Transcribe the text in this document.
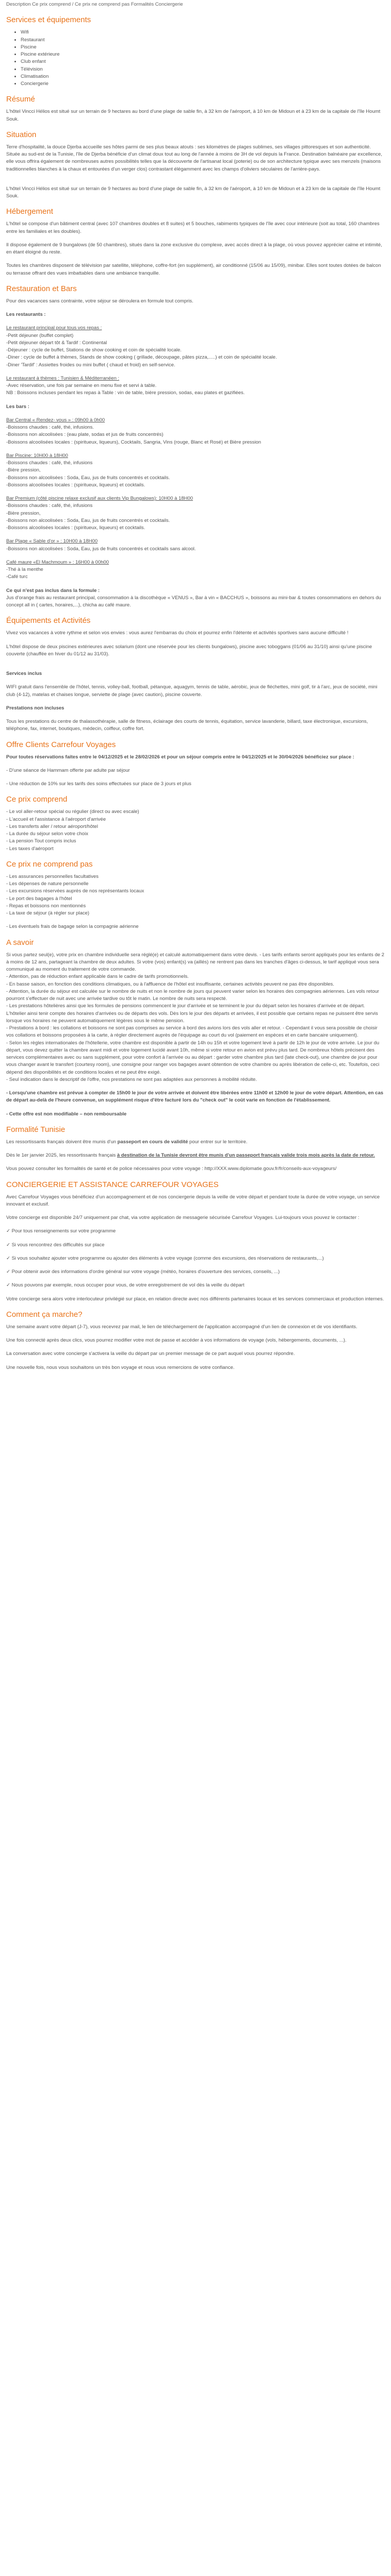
Description Ce prix comprend / Ce prix ne comprend pas Formalités Conciergerie
Services et équipements
• Wifi
• Restaurant
• Piscine
• Piscine extérieure
• Club enfant
• Télévision
• Climatisation
• Conciergerie
Résumé

L'hôtel Vincci Hélios est situé sur un terrain de 9 hectares au bord d'une plage de sable fin, à 32 km de l'aéroport, à 10 km de Midoun et à 23 km de la capitale de l'île Houmt Souk.

Situation

Terre d'hospitalité, la douce Djerba accueille ses hôtes parmi de ses plus beaux atouts : ses kilomètres de plages sublimes, ses villages pittoresques et son authenticité. Située au sud-est de la Tunisie, l'île de Djerba bénéficie d'un climat doux tout au long de l'année à moins de 3H de vol depuis la France. Destination balnéaire par excellence, elle vous offrira également de nombreuses autres possibilités telles que la découverte de l'artisanat local (poterie) ou de son architecture typique avec ses menzels (maisons traditionnelles blanches à la chaux et entourées d'un verger clos) contrastant élégamment avec les champs d'oliviers séculaires de l'arrière-pays.

L'hôtel Vincci Hélios est situé sur un terrain de 9 hectares au bord d'une plage de sable fin, à 32 km de l'aéroport, à 10 km de Midoun et à 23 km de la capitale de l'île Houmt Souk.

Hébergement

L'hôtel se compose d'un bâtiment central (avec 107 chambres doubles et 8 suites) et 5 bouches, rabiments typiques de l'île avec cour intérieure (soit au total, 160 chambres entre les familiales et les doubles).

Il dispose également de 9 bungalows (de 50 chambres), situés dans la zone exclusive du complexe, avec accès direct à la plage, où vous pouvez apprécier calme et intimité, en étant éloigné du reste.

Toutes les chambres disposent de télévision par satellite, téléphone, coffre-fort (en supplément), air conditionné (15/06 au 15/09), minibar. Elles sont toutes dotées de balcon ou terrasse offrant des vues imbattables dans une ambiance tranquille.

Restauration et Bars

Pour des vacances sans contrainte, votre séjour se déroulera en formule tout compris.

Les restaurants :

Le restaurant principal pour tous vos repas :

-Petit déjeuner (buffet complet)

-Petit déjeuner départ tôt & Tardif : Continental

-Déjeuner : cycle de buffet, Stations de show cooking et coin de spécialité locale.

-Diner : cycle de buffet à thèmes, Stands de show cooking ( grillade, découpage, pâtes pizza,.....) et coin de spécialité locale.

-Diner 'Tardif' : Assiettes froides ou mini buffet ( chaud et froid) en self-service.

Le restaurant à thèmes : Tunisien & Méditerranéen :

-Avec réservation, une fois par semaine en menu fixe et servi à table.

NB : Boissons incluses pendant les repas à Table : vin de table, bière pression, sodas, eau plates et gazifiées.

Les bars :

Bar Central « Rendez- vous » : 09h00 à 0h00

-Boissons chaudes : café, thé, infusions.

-Boissons non alcoolisées : (eau plate, sodas et jus de fruits concentrés)

-Boissons alcoolisées locales : (spiritueux, liqueurs), Cocktails, Sangria, Vins (rouge, Blanc et Rosé) et Bière pression

Bar Piscine: 10H00 à 18H00

-Boissons chaudes : café, thé, infusions

-Bière pression,

-Boissons non alcoolisées : Soda, Eau, jus de fruits concentrés et cocktails.

-Boissons alcoolisées locales : (spiritueux, liqueurs) et cocktails.

Bar Premium (côté piscine relaxe exclusif aux clients Vip Bungalows): 10H00 à 18H00

-Boissons chaudes : café, thé, infusions

-Bière pression,

-Boissons non alcoolisées : Soda, Eau, jus de fruits concentrés et cocktails.

-Boissons alcoolisées locales : (spiritueux, liqueurs) et cocktails.

Bar Plage « Sable d'or » : 10H00 à 18H00

-Boissons non alcoolisées : Soda, Eau, jus de fruits concentrés et cocktails sans alcool.

Café maure «El Machmoum » : 16H00 à 00h00

-Thé à la menthe

-Café turc

Ce qui n'est pas inclus dans la formule :

Jus d'orange frais au restaurant principal, consommation à la discothèque « VENUS », Bar à vin « BACCHUS », boissons au mini-bar & toutes consommations en dehors du concept all in ( cartes, horaires,...), chicha au café maure.

Équipements et Activités

Vivez vos vacances à votre rythme et selon vos envies : vous aurez l'embarras du choix et pourrez enfin l'détente et activités sportives sans aucune difficulté !

L'hôtel dispose de deux piscines extérieures avec solarium (dont une réservée pour les clients bungalows), piscine avec toboggans (01/06 au 31/10) ainsi qu'une piscine couverte (chauffée en hiver du 01/12 au 31/03).

Services inclus

WIFI gratuit dans l'ensemble de l'hôtel, tennis, volley-ball, football, pétanque, aquagym, tennis de table, aérobic, jeux de fléchettes, mini golf, tir à l'arc, jeux de société, mini club (4-12), matelas et chaises longue, serviette de plage (avec caution), piscine couverte.

Prestations non incluses

Tous les prestations du centre de thalassothérapie, salle de fitness, éclairage des courts de tennis, équitation, service lavanderie, billard, taxe électronique, excursions, téléphone, fax, internet, boutiques, médecin, coiffeur, coffre fort.

Offre Clients Carrefour Voyages

Pour toutes réservations faites entre le 04/12/2025 et le 28/02/2026 et pour un séjour compris entre le 04/12/2025 et le 30/04/2026 bénéficiez sur place :

- D'une séance de Hammam offerte par adulte par séjour

- Une réduction de 10% sur les tarifs des soins effectuées sur place de 3 jours et plus

Ce prix comprend

- Le vol aller-retour spécial ou régulier (direct ou avec escale)

- L'accueil et l'assistance à l'aéroport d'arrivée

- Les transferts aller / retour aéroport/hôtel

- La durée du séjour selon votre choix

- La pension Tout compris inclus

- Les taxes d'aéroport

Ce prix ne comprend pas

- Les assurances personnelles facultatives

- Les dépenses de nature personnelle

- Les excursions réservées auprès de nos représentants locaux

- Le port des bagages à l'hôtel

- Repas et boissons non mentionnés

- La taxe de séjour (à régler sur place)

- Les éventuels frais de bagage selon la compagnie aérienne

A savoir

Si vous partez seul(e), votre prix en chambre individuelle sera réglé(e) et calculé automatiquement dans votre devis. - Les tarifs enfants seront appliqués pour les enfants de 2 à moins de 12 ans, partageant la chambre de deux adultes. Si votre (vos) enfant(s) va (aillés) ne rentrent pas dans les tranches d'âges ci-dessus, le tarif appliqué vous sera communiqué au moment du traitement de votre commande.

- Attention, pas de réduction enfant applicable dans le cadre de tarifs promotionnels.

- En basse saison, en fonction des conditions climatiques, ou à l'affluence de l'hôtel est insuffisante, certaines activités peuvent ne pas être disponibles.

- Attention, la durée du séjour est calculée sur le nombre de nuits et non le nombre de jours qui peuvent varier selon les horaires des compagnies aériennes. Les vols retour pourront s'effectuer de nuit avec une arrivée tardive ou tôt le matin. Le nombre de nuits sera respecté.

- Les prestations hôtelières ainsi que les formules de pensions commencent le jour d'arrivée et se terminent le jour du départ selon les horaires d'arrivée et de départ. L'hôtelier ainsi tenir compte des horaires d'arrivées ou de départs des vols. Dès lors le jour des départs et arrivées, il est possible que certains repas ne puissent être servis lorsque vos horaires ne peuvent automatiquement légères sous le même pension.

- Prestations à bord : les collations et boissons ne sont pas comprises au service à bord des avions lors des vols aller et retour. - Cependant il vous sera possible de choisir vos collations et boissons proposées à la carte, à régler directement auprès de l'équipage au court du vol (paiement en espèces et en carte bancaire uniquement).

- Selon les règles internationales de l'hôtellerie, votre chambre est disponible à partir de 14h ou 15h et votre logement levé à partir de 12h le jour de votre arrivée. Le jour du départ, vous devez quitter la chambre avant midi et votre logement lucidé avant 10h, même si votre retour en avion est prévu plus tard. De nombreux hôtels précisent des services complémentaires avec ou sans supplément, pour votre confort à l'arrivée ou au départ : garder votre chambre plus tard (late check-out), une chambre de jour pour vous changer avant le transfert (courtesy room), une consigne pour ranger vos bagages avant obtention de votre chambre ou après libération de celle-ci, etc. Toutefois, ceci dépend des disponibilités et de conditions locales et ne peut être exigé.

- Seul indication dans le descriptif de l'offre, nos prestations ne sont pas adaptées aux personnes à mobilité réduite.

- Lorsqu'une chambre est prévue à compter de 15h00 le jour de votre arrivée et doivent être libérées entre 11h00 et 12h00 le jour de votre départ. Attention, en cas de départ au-delà de l'heure convenue, un supplément risque d'être facturé lors du "check out" le coût varie en fonction de l'établissement.

- Cette offre est non modifiable – non remboursable

Formalité Tunisie

Les ressortissants français doivent être munis d'un passeport en cours de validité pour entrer sur le territoire.

Dès le 1er janvier 2025, les ressortissants français à destination de la Tunisie devront être munis d'un passeport français valide trois mois après la date de retour.

Vous pouvez consulter les formalités de santé et de police nécessaires pour votre voyage : http://XXX.www.diplomatie.gouv.fr/fr/conseils-aux-voyageurs/

CONCIERGERIE ET ASSISTANCE CARREFOUR VOYAGES

Avec Carrefour Voyages vous bénéficiez d'un accompagnement et de nos conciergerie depuis la veille de votre départ et pendant toute la durée de votre voyage, un service innovant et exclusif.

Votre concierge est disponible 24/7 uniquement par chat, via votre application de messagerie sécurisée Carrefour Voyages. Lui-toujours vous pouvez le contacter :

✓ Pour tous renseignements sur votre programme

✓ Si vous rencontrez des difficultés sur place

✓ Si vous souhaitez ajouter votre programme ou ajouter des éléments à votre voyage (comme des excursions, des réservations de restaurants,...)

✓ Pour obtenir avoir des informations d'ordre général sur votre voyage (météo, horaires d'ouverture des services, conseils, ...)

✓ Nous pouvons par exemple, nous occuper pour vous, de votre enregistrement de vol dès la veille du départ

Votre concierge sera alors votre interlocuteur privilégié sur place, en relation directe avec nos différents partenaires locaux et les services commerciaux et production internes.

Comment ça marche?

Une semaine avant votre départ (J-7), vous recevrez par mail, le lien de téléchargement de l'application accompagné d'un lien de connexion et de vos identifiants.

Une fois connecté après deux clics, vous pourrez modifier votre mot de passe et accéder à vos informations de voyage (vols, hébergements, documents, ...).

La conversation avec votre concierge s'activera la veille du départ par un premier message de ce part auquel vous pourrez répondre.

Une nouvelle fois, nous vous souhaitons un très bon voyage et nous vous remercions de votre confiance.
